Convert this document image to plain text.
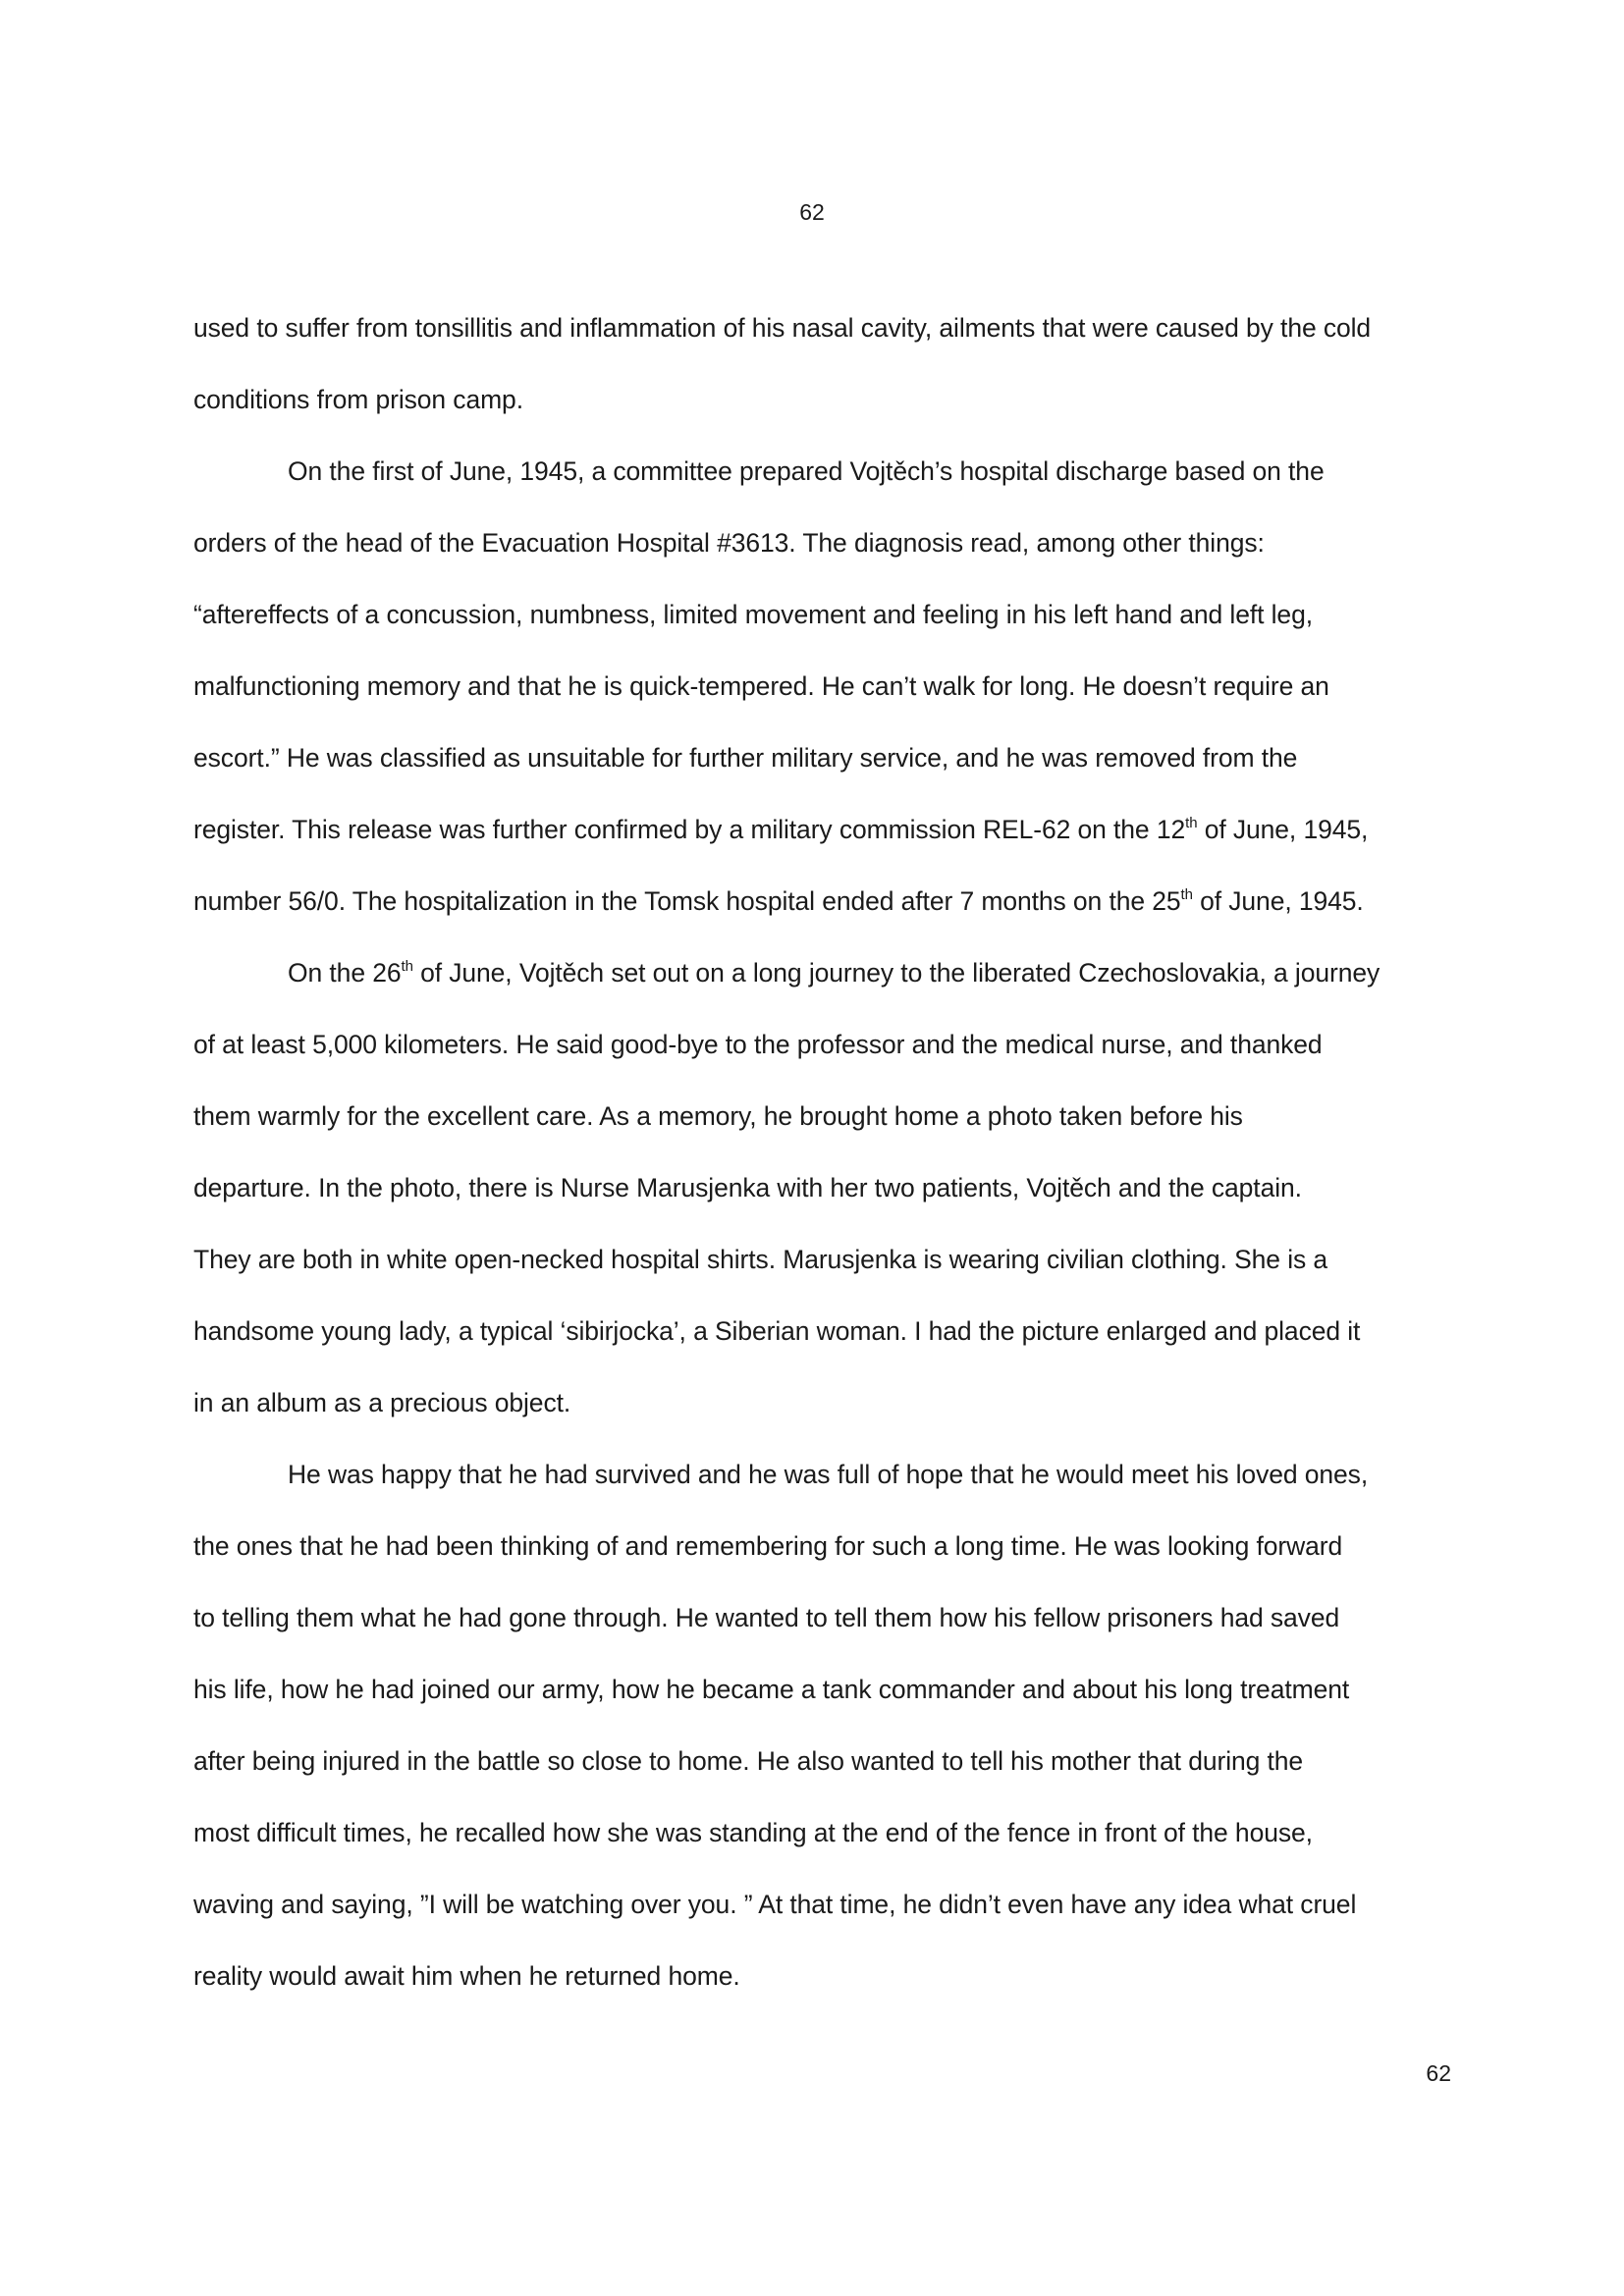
62

used to suffer from tonsillitis and inflammation of his nasal cavity, ailments that were caused by the cold
conditions from prison camp.

On the first of June, 1945, a committee prepared Vojtěch’s hospital discharge based on the

orders of the head of the Evacuation Hospital #3613. The diagnosis read, among other things:
“aftereffects of a concussion, numbness, limited movement and feeling in his left hand and left leg,
malfunctioning memory and that he is quick-tempered. He can’t walk for long. He doesn’t require an
escort.” He was classified as unsuitable for further military service, and he was removed from the
register. This release was further confirmed by a military commission REL-62 on the 12th of June, 1945,
number 56/0. The hospitalization in the Tomsk hospital ended after 7 months on the 25th of June, 1945.

On the 26th of June, Vojtěch set out on a long journey to the liberated Czechoslovakia, a journey

of at least 5,000 kilometers. He said good-bye to the professor and the medical nurse, and thanked
them warmly for the excellent care. As a memory, he brought home a photo taken before his
departure. In the photo, there is Nurse Marusjenka with her two patients, Vojtěch and the captain.
They are both in white open-necked hospital shirts. Marusjenka is wearing civilian clothing. She is a
handsome young lady, a typical ‘sibirjocka’, a Siberian woman. I had the picture enlarged and placed it
in an album as a precious object.

He was happy that he had survived and he was full of hope that he would meet his loved ones,

the ones that he had been thinking of and remembering for such a long time. He was looking forward
to telling them what he had gone through. He wanted to tell them how his fellow prisoners had saved
his life, how he had joined our army, how he became a tank commander and about his long treatment
after being injured in the battle so close to home. He also wanted to tell his mother that during the
most difficult times, he recalled how she was standing at the end of the fence in front of the house,
waving and saying, ”I will be watching over you. ” At that time, he didn’t even have any idea what cruel
reality would await him when he returned home.

62
